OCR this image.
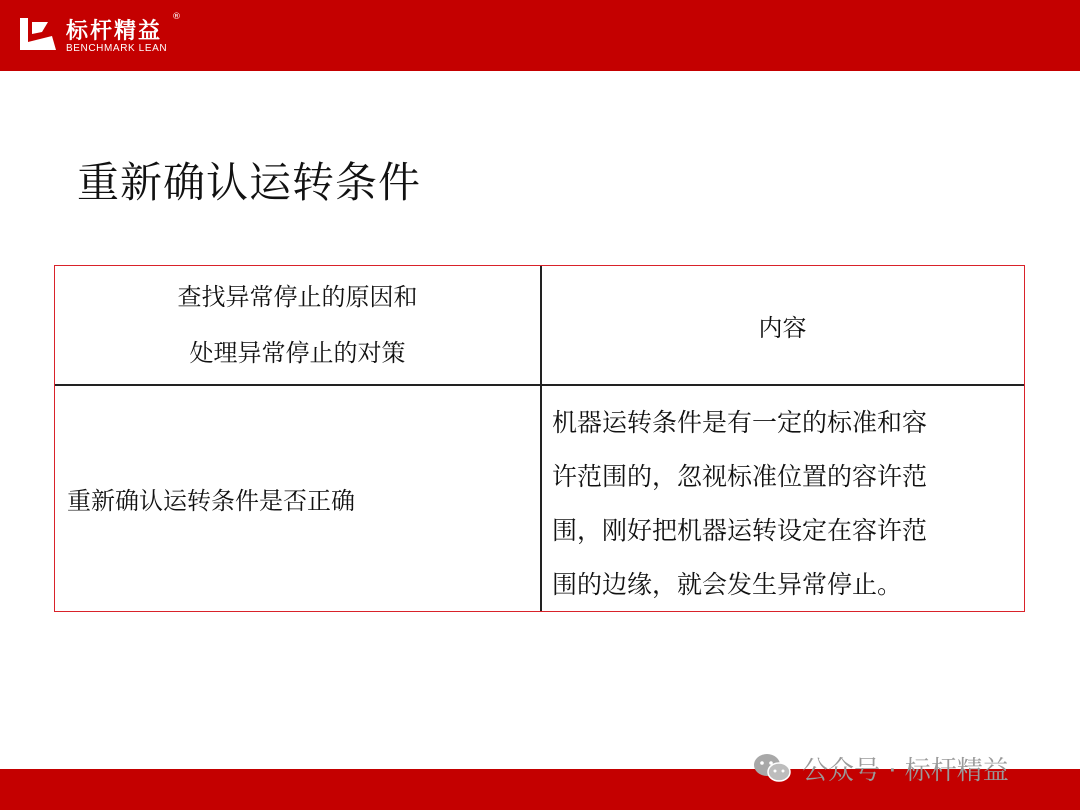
标杆精益
®
BENCHMARK LEAN
重新确认运转条件
查找异常停止的原因和
处理异常停止的对策
内容
重新确认运转条件是否正确
机器运转条件是有一定的标准和容
许范围的，忽视标准位置的容许范
围，刚好把机器运转设定在容许范
围的边缘，就会发生异常停止。
公众号 · 标杆精益
